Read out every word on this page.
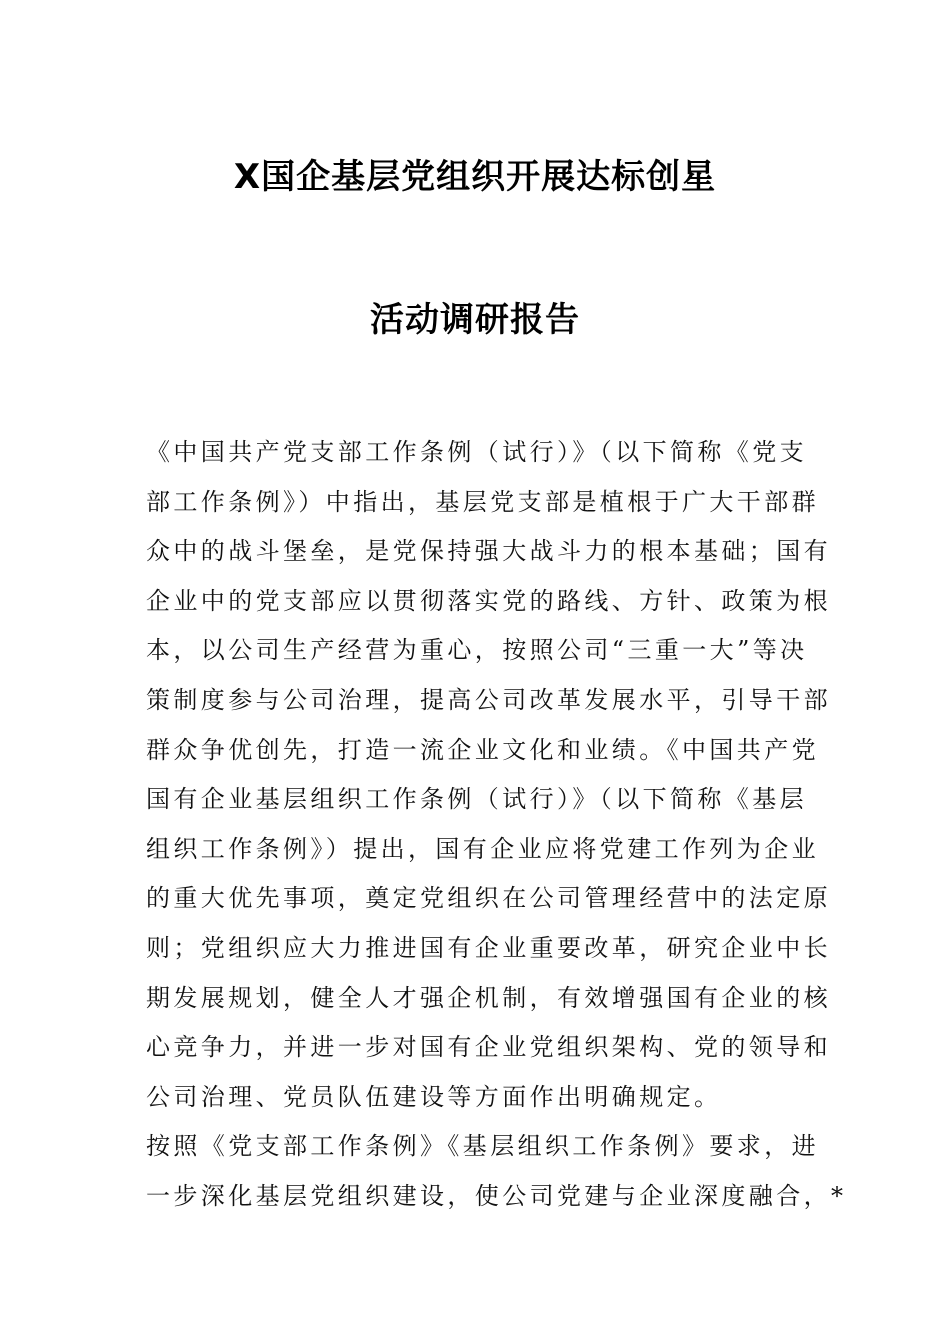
X国企基层党组织开展达标创星
活动调研报告
《中国共产党支部工作条例（试行）》（以下简称《党支
部工作条例》）中指出，基层党支部是植根于广大干部群
众中的战斗堡垒，是党保持强大战斗力的根本基础；国有
企业中的党支部应以贯彻落实党的路线、方针、政策为根
本，以公司生产经营为重心，按照公司“三重一大”等决
策制度参与公司治理，提高公司改革发展水平，引导干部
群众争优创先，打造一流企业文化和业绩。《中国共产党
国有企业基层组织工作条例（试行）》（以下简称《基层
组织工作条例》）提出，国有企业应将党建工作列为企业
的重大优先事项，奠定党组织在公司管理经营中的法定原
则；党组织应大力推进国有企业重要改革，研究企业中长
期发展规划，健全人才强企机制，有效增强国有企业的核
心竞争力，并进一步对国有企业党组织架构、党的领导和
公司治理、党员队伍建设等方面作出明确规定。
按照《党支部工作条例》《基层组织工作条例》要求，进
一步深化基层党组织建设，使公司党建与企业深度融合，*
